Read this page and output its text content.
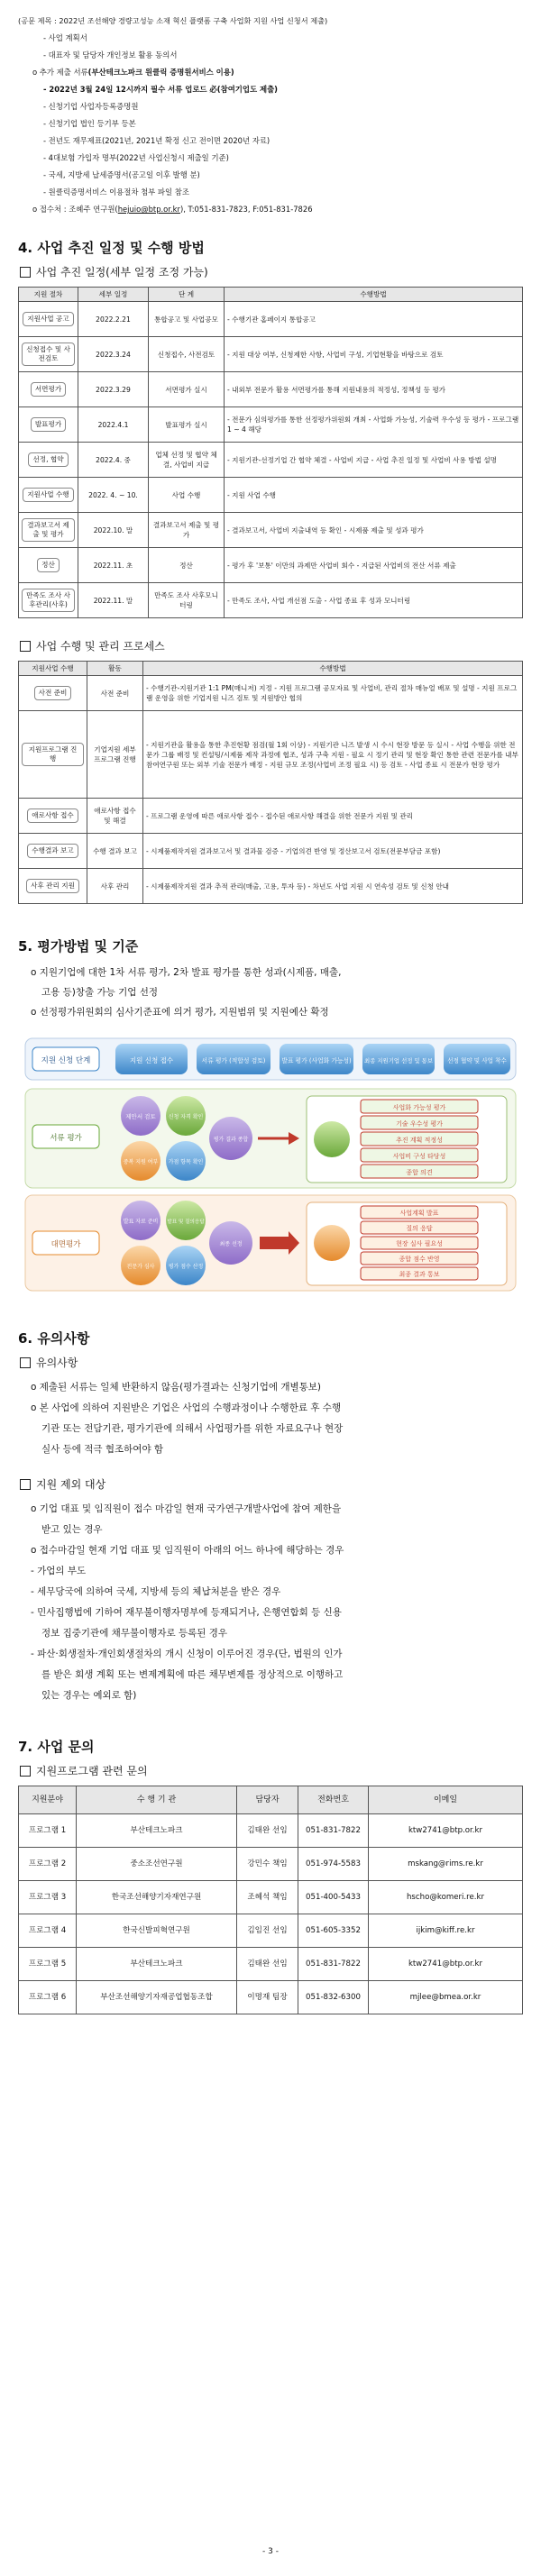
(공문 제목 : 2022년 조선해양 경량고성능 소재 혁신 플랫폼 구축 사업화 지원 사업 신청서 제출)

- 사업 계획서

- 대표자 및 담당자 개인정보 활용 동의서

o 추가 제출 서류(부산테크노파크 원클릭 증명원서비스 이용)

- 2022년 3월 24일 12시까지 필수 서류 업로드 必(참여기업도 제출)

- 신청기업 사업자등록증명원

- 신청기업 법인 등기부 등본

- 전년도 재무제표(2021년, 2021년 확정 신고 전이면 2020년 자료)

- 4대보험 가입자 명부(2022년 사업신청시 제출일 기준)

- 국세, 지방세 납세증명서(공고일 이후 발행 분)

- 원클릭증명서비스 이용절차 첨부 파일 참조

o 접수처 : 조혜주 연구원(hejuio@btp.or.kr), T:051-831-7823, F:051-831-7826

4. 사업 추진 일정 및 수행 방법
사업 추진 일정(세부 일정 조정 가능)
지원 절차	세부 일정	단 계	수행방법
지원사업 공고	2022.2.21	통합공고 및 사업공모	- 수행기관 홈페이지 통합공고
신청접수 및 사전검토	2022.3.24	신청접수, 사전검토	- 지원 대상 여부, 신청제한 사항, 사업비 구성, 기업현황을 바탕으로 검토
서면평가	2022.3.29	서면평가 실시	- 내외부 전문가 활용 서면평가를 통해 지원내용의 적정성, 정책성 등 평가
발표평가	2022.4.1	발표평가 실시	- 전문가 심의평가를 통한 선정평가위원회 개최 - 사업화 가능성, 기술력 우수성 등 평가 - 프로그램 1 ~ 4 해당
선정, 협약	2022.4. 중	업체 선정 및 협약 체결, 사업비 지급	- 지원기관-선정기업 간 협약 체결 - 사업비 지급 - 사업 추진 일정 및 사업비 사용 방법 설명
지원사업 수행	2022. 4. ~ 10.	사업 수행	- 지원 사업 수행
결과보고서 제출 및 평가	2022.10. 말	결과보고서 제출 및 평가	- 결과보고서, 사업비 지출내역 등 확인 - 시제품 제출 및 성과 평가
정산	2022.11. 초	정산	- 평가 후 '보통' 이만의 과제만 사업비 회수 - 지급된 사업비의 전산 서류 제출
만족도 조사 사후관리(사후)	2022.11. 말	만족도 조사 사후모니터링	- 만족도 조사, 사업 개선점 도출 - 사업 종료 후 성과 모니터링
사업 수행 및 관리 프로세스
지원사업 수행	활동	수행방법
사전 준비	사전 준비	- 수행기관-지원기관 1:1 PM(매니저) 지정 - 지원 프로그램 공모자료 및 사업비, 관리 절차 매뉴얼 배포 및 설명 - 지원 프로그램 운영을 위한 기업지원 니즈 검토 및 지원방안 협의
지원프로그램 진행	기업지원 세부 프로그램 진행	- 지원기관을 활용을 통한 추진현황 점검(월 1회 이상) - 지원기관 니즈 발생 시 수시 현장 방문 등 실시 - 사업 수행을 위한 전문가 그룹 배정 및 컨설팅/시제품 제작 과정에 협조, 성과 구축 지원 - 필요 시 정기 관리 및 현장 확인 통한 관련 전문가를 내부 참여연구원 또는 외부 기술 전문가 배정 - 지원 규모 조정(사업비 조정 필요 시) 등 검토 - 사업 종료 시 전문가 현장 평가
애로사항 접수	애로사항 접수 및 해결	- 프로그램 운영에 따른 애로사항 접수 - 접수된 애로사항 해결을 위한 전문가 지원 및 관리
수행결과 보고	수행 결과 보고	- 시제품제작지원 결과보고서 및 결과물 검증 - 기업의견 반영 및 정산보고서 검토(전문부담금 포함)
사후 관리 지원	사후 관리	- 시제품제작지원 결과 추적 관리(매출, 고용, 투자 등) - 차년도 사업 지원 시 연속성 검토 및 신청 안내
5. 평가방법 및 기준

o 지원기업에 대한 1차 서류 평가, 2차 발표 평가를 통한 성과(시제품, 매출,

고용 등)창출 가능 기업 선정

o 선정평가위원회의 심사기준표에 의거 평가, 지원범위 및 지원예산 확정

지원 신청 단계	지원 신청 접수	서류 평가 (적합성 검토)	발표 평가 (사업화 가능성) 최종 지원기업 선정 및 통보 선정 협약 및 사업 착수
서류 평가
제안서 검토 신청 자격 확인
중복 지원 여부 가점 항목 확인
평가 결과 종합
사업화 가능성 평가
기술 우수성 평가
추진 계획 적정성
사업비 구성 타당성
종합 의견
대면평가
발표 자료 준비 발표 및 질의응답
전문가 심사	평가 점수 산정
최종 선정
사업계획 발표
질의 응답
현장 실사 필요성
종합 점수 반영
최종 결과 통보
6. 유의사항
유의사항

o 제출된 서류는 일체 반환하지 않음(평가결과는 신청기업에 개별통보)

o 본 사업에 의하여 지원받은 기업은 사업의 수행과정이나 수행한료 후 수행

기관 또는 전담기관, 평가기관에 의해서 사업평가를 위한 자료요구나 현장

실사 등에 적극 협조하여야 함

지원 제외 대상

o 기업 대표 및 임직원이 접수 마감일 현재 국가연구개발사업에 참여 제한을

받고 있는 경우

o 접수마감일 현재 기업 대표 및 임직원이 아래의 어느 하나에 해당하는 경우

- 가업의 부도

- 세무당국에 의하여 국세, 지방세 등의 체납처분을 받은 경우

- 민사집행법에 기하여 재무불이행자명부에 등재되거나, 은행연합회 등 신용

정보 집중기관에 채무불이행자로 등록된 경우

- 파산·회생절차·개인회생절차의 개시 신청이 이루어진 경우(단, 법원의 인가

를 받은 회생 계획 또는 변제계획에 따른 채무변제를 정상적으로 이행하고

있는 경우는 예외로 함)

7. 사업 문의
지원프로그램 관련 문의
지원분야	수 행 기 관	담당자	전화번호	이메일
프로그램 1	부산테크노파크	김태완 선임	051-831-7822	ktw2741@btp.or.kr
프로그램 2	중소조선연구원	강민수 책임	051-974-5583	mskang@rims.re.kr
프로그램 3	한국조선해양기자재연구원	조혜석 책임	051-400-5433	hscho@komeri.re.kr
프로그램 4	한국신발피혁연구원	김임진 선임	051-605-3352	ijkim@kiff.re.kr
프로그램 5	부산테크노파크	김태완 선임	051-831-7822	ktw2741@btp.or.kr
프로그램 6	부산조선해양기자재공업협동조합	이명재 팀장	051-832-6300	mjlee@bmea.or.kr
- 3 -
